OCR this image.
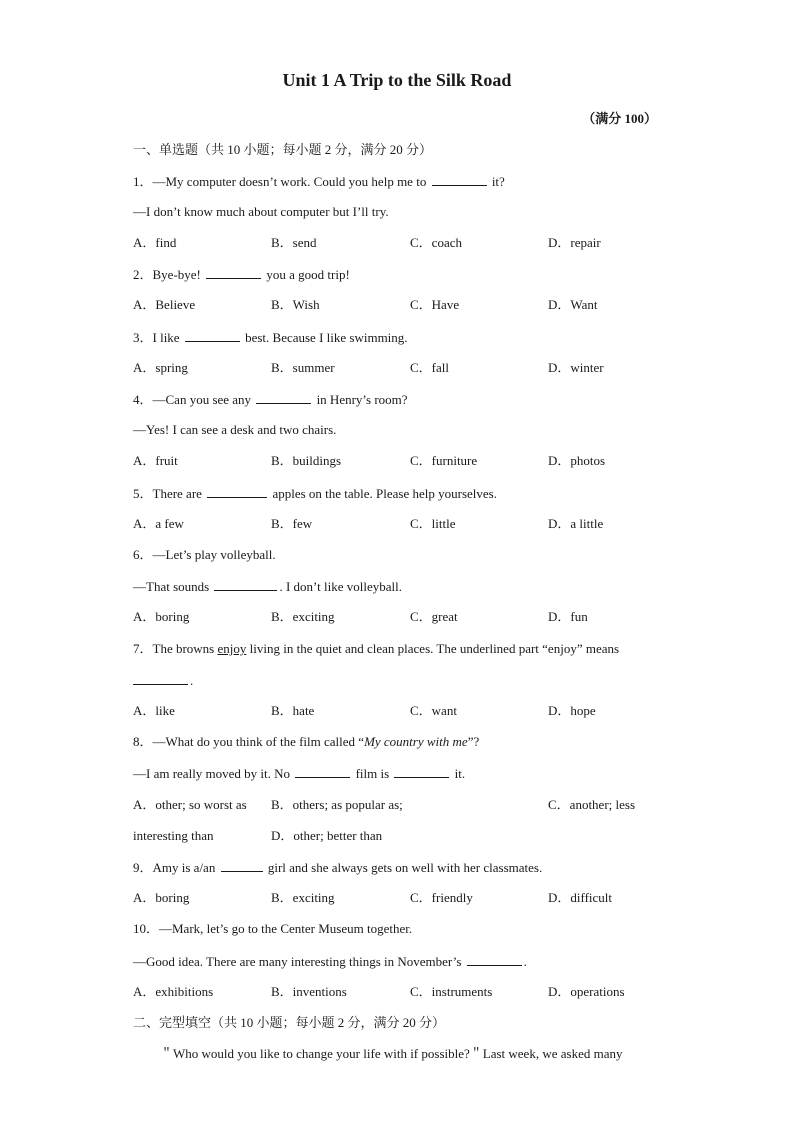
Unit 1 A Trip to the Silk Road
（满分 100）
一、单选题（共 10 小题；每小题 2 分，满分 20 分）
1．—My computer doesn’t work. Could you help me to	it?
—I don’t know much about computer but I’ll try.
A．find	B．send	C．coach	D．repair
2．Bye-bye!	you a good trip!
A．Believe	B．Wish	C．Have	D．Want
3．I like	best. Because I like swimming.
A．spring	B．summer	C．fall	D．winter
4．—Can you see any	in Henry’s room?
—Yes! I can see a desk and two chairs.
A．fruit	B．buildings	C．furniture	D．photos
5．There are	apples on the table. Please help yourselves.
A．a few	B．few	C．little	D．a little
6．—Let’s play volleyball.
—That sounds	. I don’t like volleyball.
A．boring	B．exciting	C．great	D．fun
7．The browns enjoy living in the quiet and clean places. The underlined part “enjoy” means
.
A．like	B．hate	C．want	D．hope
8．—What do you think of the film called “My country with me”?
—I am really moved by it. No	film is	it.
A．other; so worst as B．others; as popular as;	C．another; less
interesting than	D．other; better than
9．Amy is a/an	girl and she always gets on well with her classmates.
A．boring	B．exciting	C．friendly	D．difficult
10．—Mark, let’s go to the Center Museum together.
—Good idea. There are many interesting things in November’s	.
A．exhibitions	B．inventions	C．instruments	D．operations
二、完型填空（共 10 小题；每小题 2 分，满分 20 分）
＂Who would you like to change your life with if possible?＂Last week, we asked many
